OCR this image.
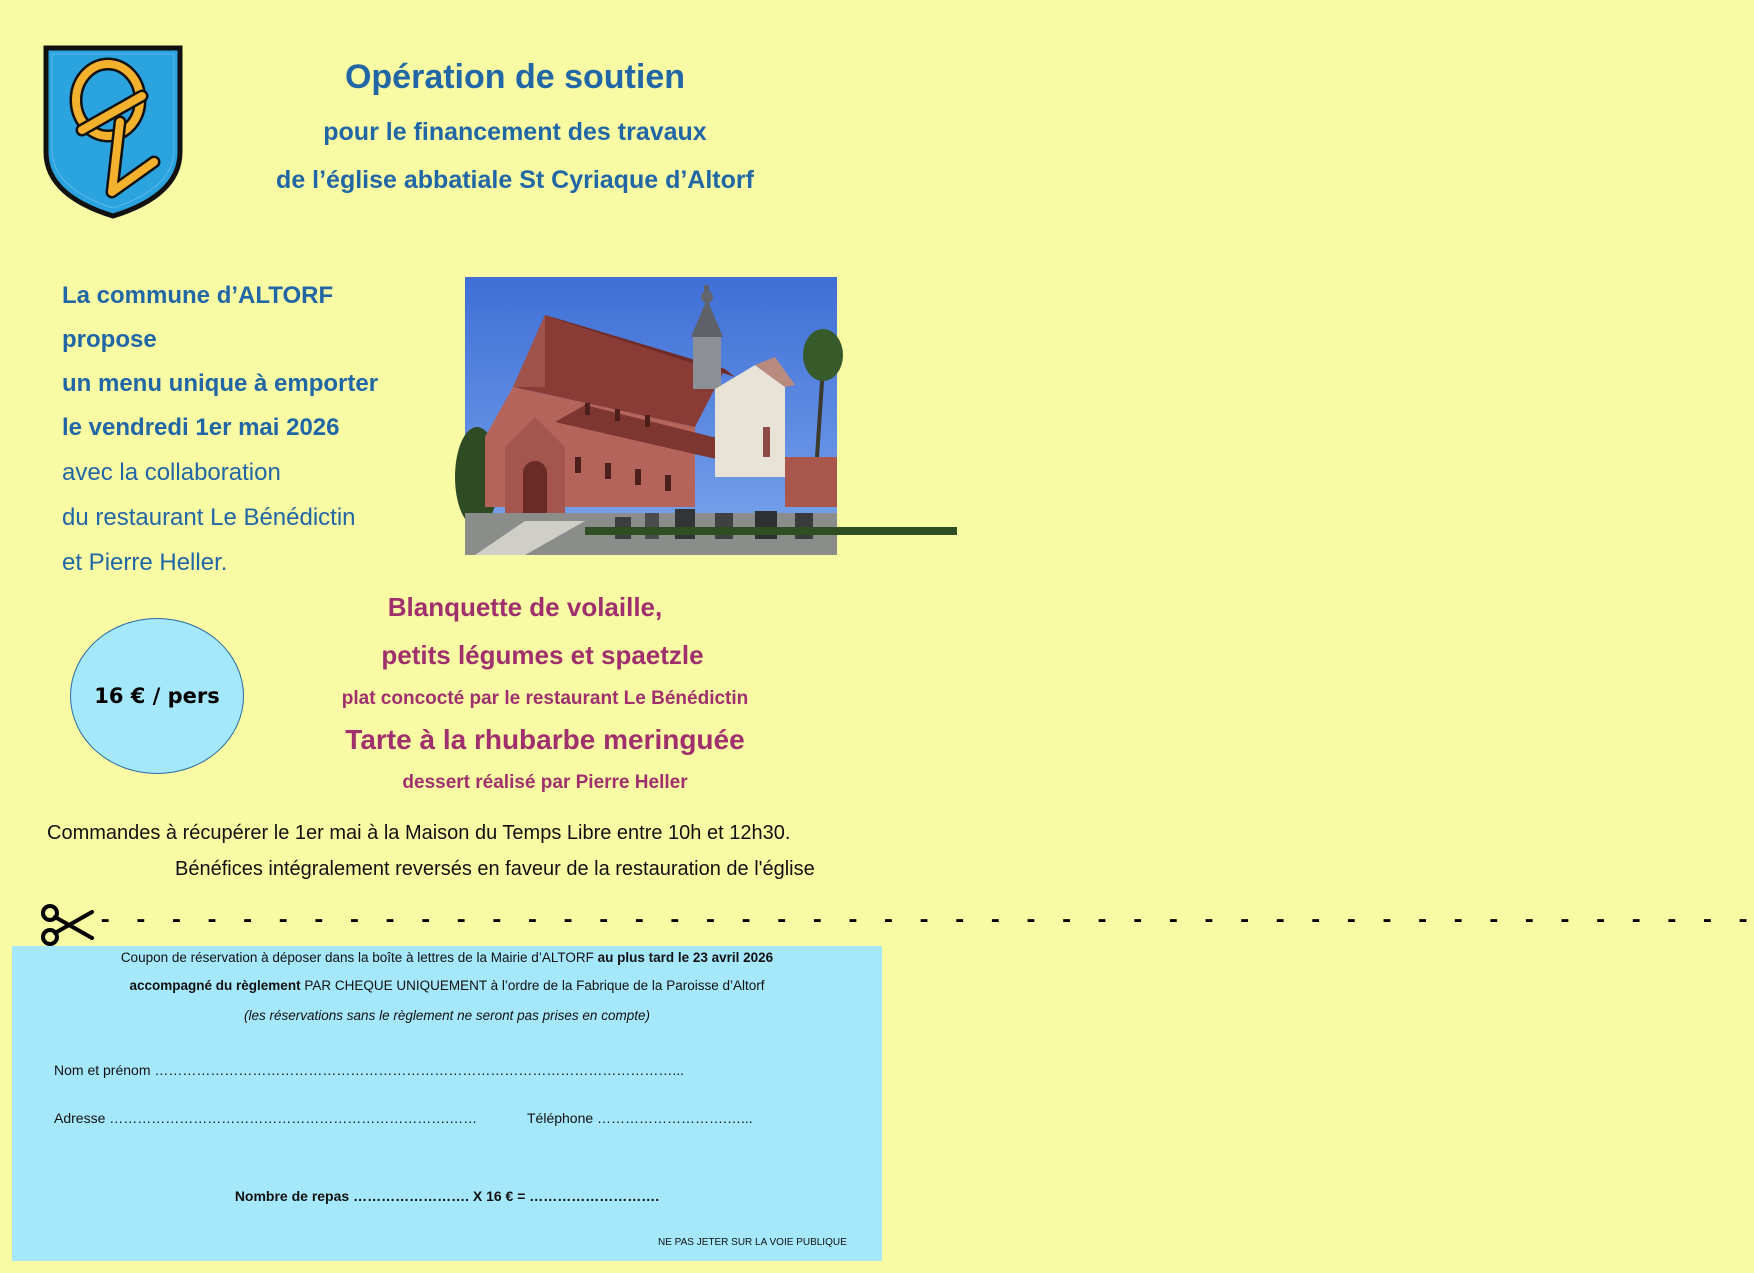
Opération de soutien
pour le financement des travaux
de l’église abbatiale St Cyriaque d’Altorf
La commune d’ALTORF
propose
un menu unique à emporter
le vendredi 1er mai 2026
avec la collaboration
du restaurant Le Bénédictin
et Pierre Heller.
16 € / pers
Blanquette de volaille,
petits légumes et spaetzle
plat concocté par le restaurant Le Bénédictin
Tarte à la rhubarbe meringuée
dessert réalisé par Pierre Heller
Commandes à récupérer le 1er mai à la Maison du Temps Libre entre 10h et 12h30.
Bénéfices intégralement reversés en faveur de la restauration de l'église
- - - - - - - - - - - - - - - - - - - - - - - - - - - - - - - - - - - - - - - - - - - - - - -
Coupon de réservation à déposer dans la boîte à lettres de la Mairie d’ALTORF au plus tard le 23 avril 2026
accompagné du règlement PAR CHEQUE UNIQUEMENT à l’ordre de la Fabrique de la Paroisse d’Altorf
(les réservations sans le règlement ne seront pas prises en compte)
Nom et prénom …………………………………………………………………………………………………...
Adresse ……………………………………………………………….……	Téléphone ……………………….…...
Nombre de repas ……………………. X 16 € = ……………………….
NE PAS JETER SUR LA VOIE PUBLIQUE
